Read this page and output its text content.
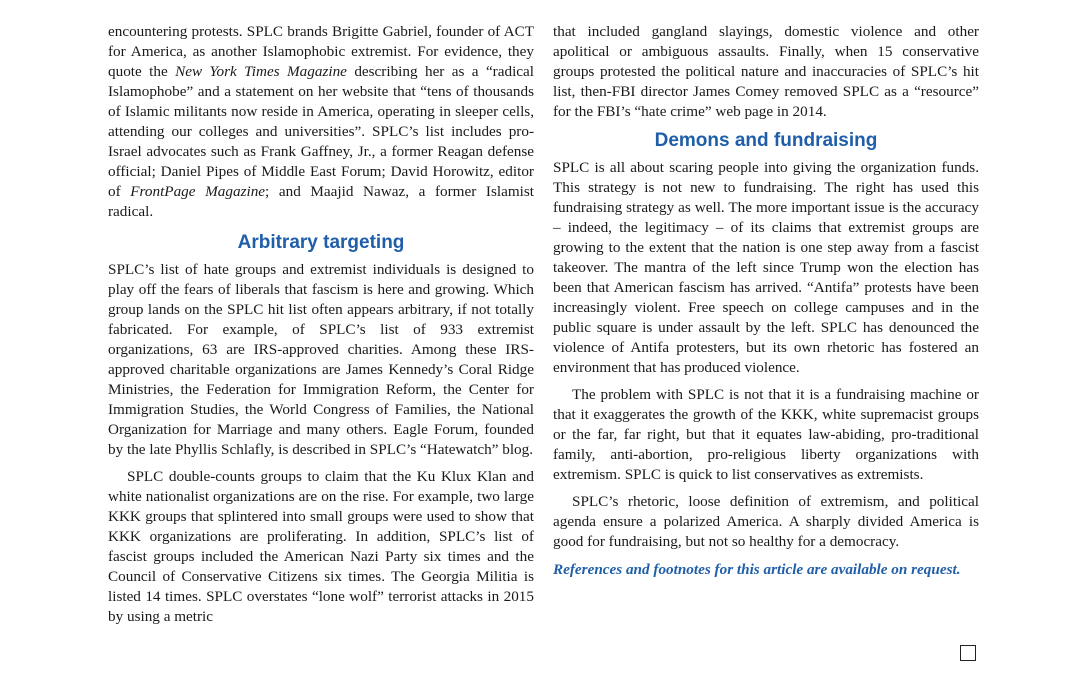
encountering protests. SPLC brands Brigitte Gabriel, founder of ACT for America, as another Islamophobic extremist. For evidence, they quote the New York Times Magazine describing her as a “radical Islamophobe” and a statement on her website that “tens of thousands of Islamic militants now reside in America, operating in sleeper cells, attending our colleges and universities”. SPLC’s list includes pro-Israel advocates such as Frank Gaffney, Jr., a former Reagan defense official; Daniel Pipes of Middle East Forum; David Horowitz, editor of FrontPage Magazine; and Maajid Nawaz, a former Islamist radical.

Arbitrary targeting

SPLC’s list of hate groups and extremist individuals is designed to play off the fears of liberals that fascism is here and growing. Which group lands on the SPLC hit list often appears arbitrary, if not totally fabricated. For example, of SPLC’s list of 933 extremist organizations, 63 are IRS-approved charities. Among these IRS-approved charitable organizations are James Kennedy’s Coral Ridge Ministries, the Federation for Immigration Reform, the Center for Immigration Studies, the World Congress of Families, the National Organization for Marriage and many others. Eagle Forum, founded by the late Phyllis Schlafly, is described in SPLC’s “Hatewatch” blog.

SPLC double-counts groups to claim that the Ku Klux Klan and white nationalist organizations are on the rise. For example, two large KKK groups that splintered into small groups were used to show that KKK organizations are proliferating. In addition, SPLC’s list of fascist groups included the American Nazi Party six times and the Council of Conservative Citizens six times. The Georgia Militia is listed 14 times. SPLC overstates “lone wolf” terrorist attacks in 2015 by using a metric

that included gangland slayings, domestic violence and other apolitical or ambiguous assaults. Finally, when 15 conservative groups protested the political nature and inaccuracies of SPLC’s hit list, then-FBI director James Comey removed SPLC as a “resource” for the FBI’s “hate crime” web page in 2014.

Demons and fundraising

SPLC is all about scaring people into giving the organization funds. This strategy is not new to fundraising. The right has used this fundraising strategy as well. The more important issue is the accuracy – indeed, the legitimacy – of its claims that extremist groups are growing to the extent that the nation is one step away from a fascist takeover. The mantra of the left since Trump won the election has been that American fascism has arrived. “Antifa” protests have been increasingly violent. Free speech on college campuses and in the public square is under assault by the left. SPLC has denounced the violence of Antifa protesters, but its own rhetoric has fostered an environment that has produced violence.

The problem with SPLC is not that it is a fundraising machine or that it exaggerates the growth of the KKK, white supremacist groups or the far, far right, but that it equates law-abiding, pro-traditional family, anti-abortion, pro-religious liberty organizations with extremism. SPLC is quick to list conservatives as extremists.

SPLC’s rhetoric, loose definition of extremism, and political agenda ensure a polarized America. A sharply divided America is good for fundraising, but not so healthy for a democracy.

References and footnotes for this article are available on request.
